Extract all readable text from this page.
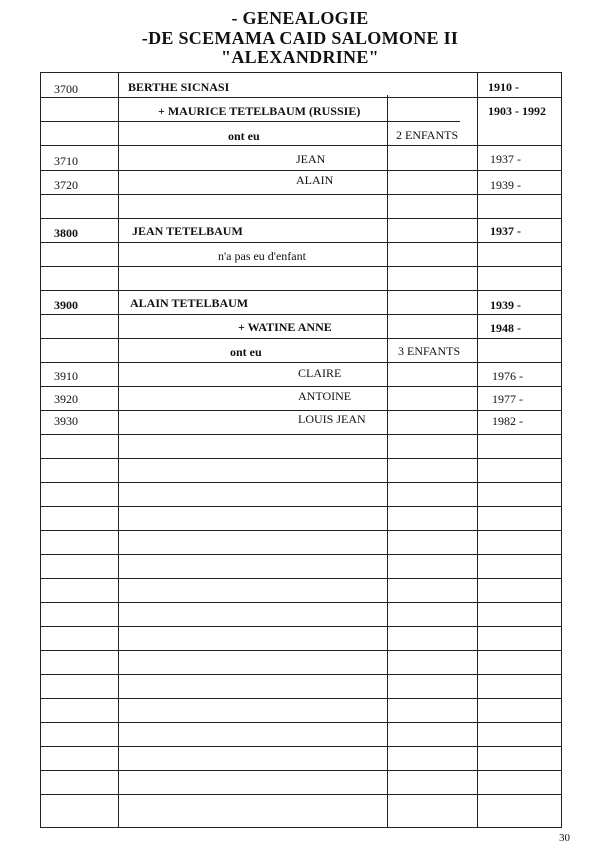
- GENEALOGIE
-DE SCEMAMA CAID SALOMONE II
"ALEXANDRINE"
3700	BERTHE SICNASI	1910 -
+ MAURICE TETELBAUM (RUSSIE)	1903 - 1992
ont eu	2 ENFANTS
3710	JEAN	1937 -
3720	ALAIN	1939 -
3800	JEAN TETELBAUM	1937 -
n'a pas eu d'enfant
3900	ALAIN TETELBAUM	1939 -
+ WATINE ANNE	1948 -
ont eu	3 ENFANTS
3910	CLAIRE	1976 -
3920	ANTOINE	1977 -
3930	LOUIS JEAN	1982 -
30
